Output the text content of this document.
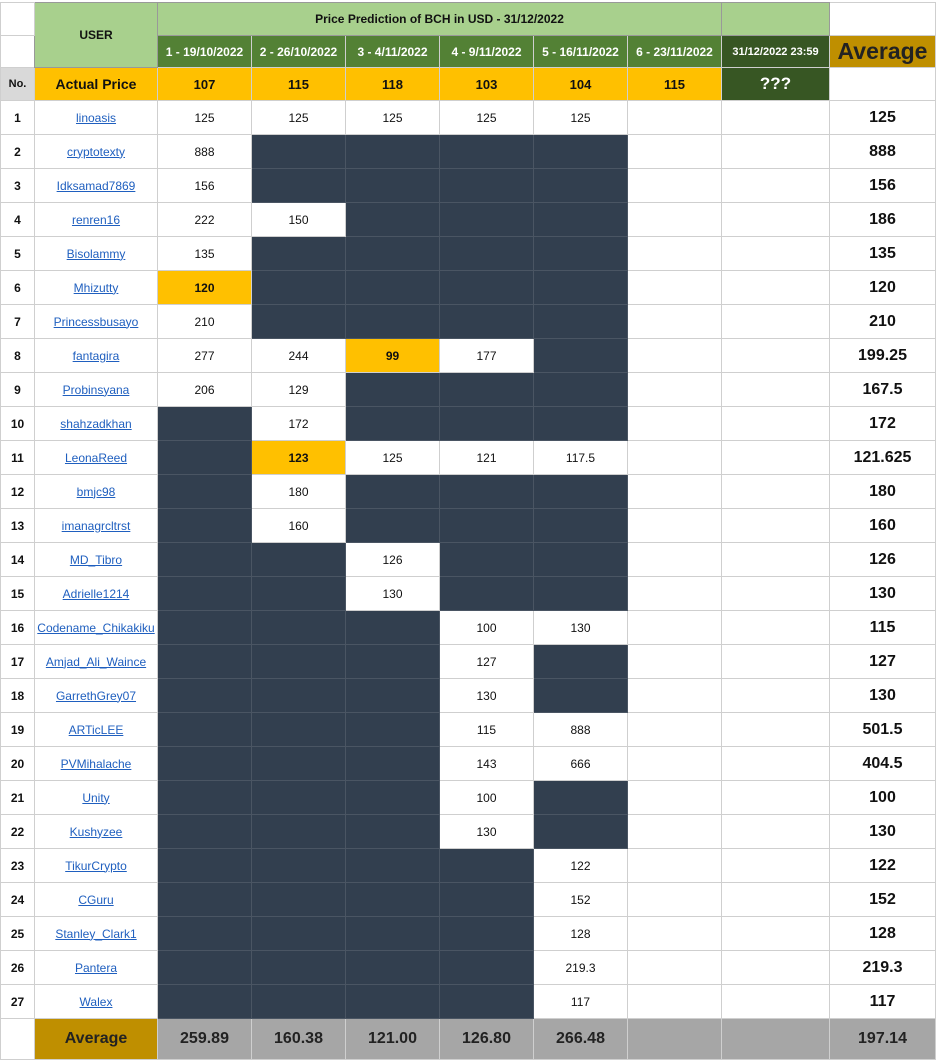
	USER	Price Prediction of BCH in USD - 31/12/2022							
		1 - 19/10/2022	2 - 26/10/2022	3 - 4/11/2022	4 - 9/11/2022	5 - 16/11/2022	6 - 23/11/2022	31/12/2022 23:59	Average
No.	Actual Price	107	115	118	103	104	115	???	
1	linoasis	125	125	125	125	125			125
2	cryptotexty	888							888
3	Idksamad7869	156							156
4	renren16	222	150						186
5	Bisolammy	135							135
6	Mhizutty	120							120
7	Princessbusayo	210							210
8	fantagira	277	244	99	177				199.25
9	Probinsyana	206	129						167.5
10	shahzadkhan		172						172
11	LeonaReed		123	125	121	117.5			121.625
12	bmjc98		180						180
13	imanagrcltrst		160						160
14	MD_Tibro			126					126
15	Adrielle1214			130					130
16	Codename_Chikakiku				100	130			115
17	Amjad_Ali_Waince				127				127
18	GarrethGrey07				130				130
19	ARTicLEE				115	888			501.5
20	PVMihalache				143	666			404.5
21	Unity				100				100
22	Kushyzee				130				130
23	TikurCrypto					122			122
24	CGuru					152			152
25	Stanley_Clark1					128			128
26	Pantera					219.3			219.3
27	Walex					117			117
	Average	259.89	160.38	121.00	126.80	266.48			197.14
